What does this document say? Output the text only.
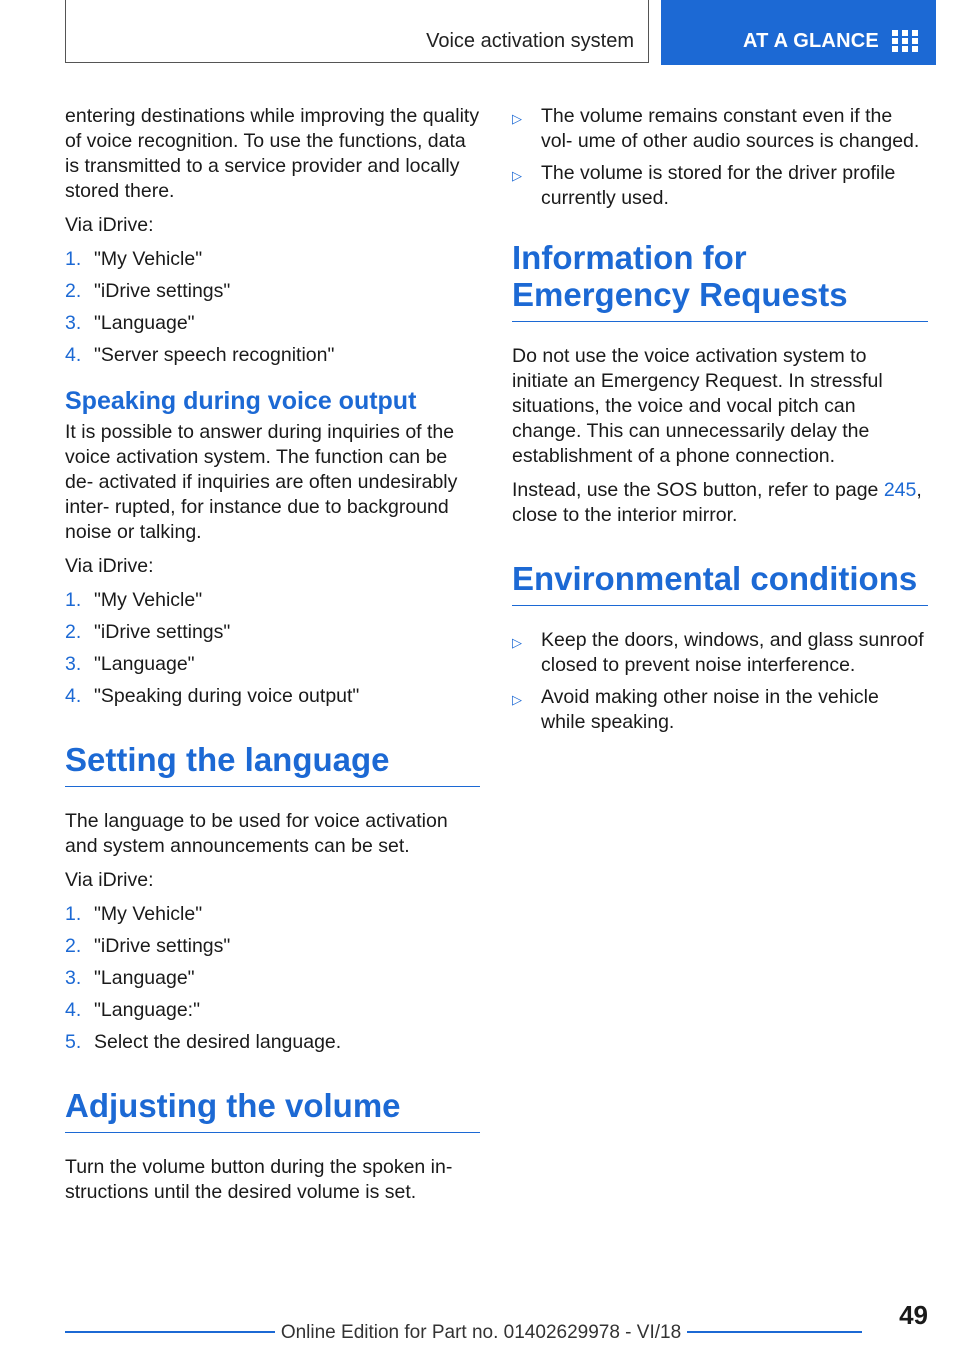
Voice activation system	AT A GLANCE

entering destinations while improving the quality of voice recognition. To use the functions, data is transmitted to a service provider and locally stored there.

Via iDrive:

1. "My Vehicle"
2. "iDrive settings"
3. "Language"
4. "Server speech recognition"
Speaking during voice output

It is possible to answer during inquiries of the voice activation system. The function can be de‐ activated if inquiries are often undesirably inter‐ rupted, for instance due to background noise or talking.

Via iDrive:

1. "My Vehicle"
2. "iDrive settings"
3. "Language"
4. "Speaking during voice output"
Setting the language

The language to be used for voice activation and system announcements can be set.

Via iDrive:

1. "My Vehicle"
2. "iDrive settings"
3. "Language"
4. "Language:"
5. Select the desired language.
Adjusting the volume

Turn the volume button during the spoken in‐ structions until the desired volume is set.

▷ The volume remains constant even if the vol‐ ume of other audio sources is changed.
▷ The volume is stored for the driver profile currently used.
Information for Emergency Requests

Do not use the voice activation system to initiate an Emergency Request. In stressful situations, the voice and vocal pitch can change. This can unnecessarily delay the establishment of a phone connection.

Instead, use the SOS button, refer to page 245, close to the interior mirror.

Environmental conditions
▷ Keep the doors, windows, and glass sunroof closed to prevent noise interference.
▷ Avoid making other noise in the vehicle while speaking.
49
Online Edition for Part no. 01402629978 - VI/18
